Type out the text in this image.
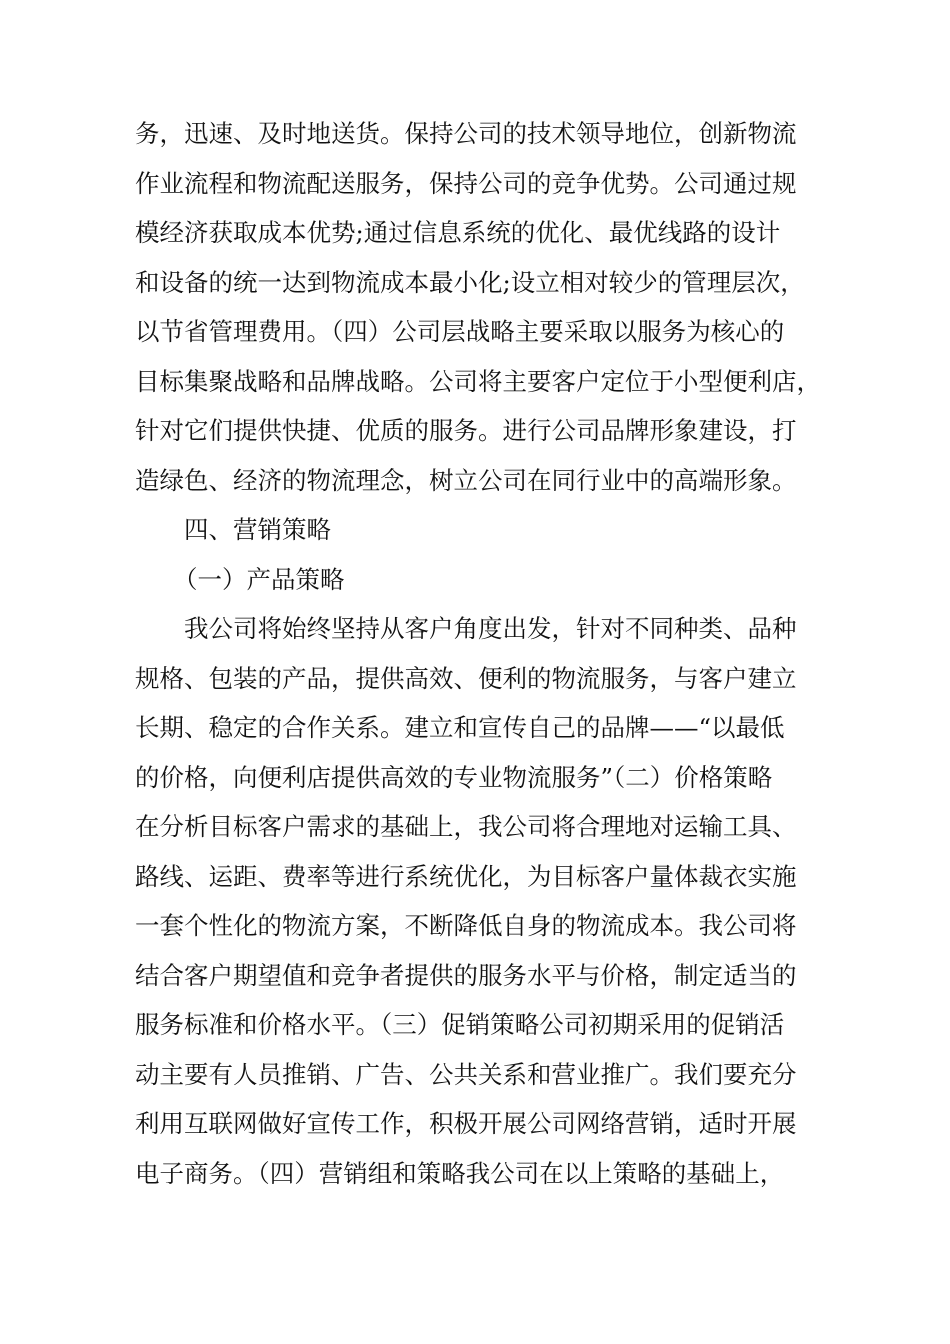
务，迅速、及时地送货。保持公司的技术领导地位，创新物流
作业流程和物流配送服务，保持公司的竞争优势。公司通过规
模经济获取成本优势;通过信息系统的优化、最优线路的设计
和设备的统一达到物流成本最小化;设立相对较少的管理层次，
以节省管理费用。（四）公司层战略主要采取以服务为核心的
目标集聚战略和品牌战略。公司将主要客户定位于小型便利店，
针对它们提供快捷、优质的服务。进行公司品牌形象建设，打
造绿色、经济的物流理念，树立公司在同行业中的高端形象。
四、营销策略
（一）产品策略
我公司将始终坚持从客户角度出发，针对不同种类、品种
规格、包装的产品，提供高效、便利的物流服务，与客户建立
长期、稳定的合作关系。建立和宣传自己的品牌——“以最低
的价格，向便利店提供高效的专业物流服务”（二）价格策略
在分析目标客户需求的基础上，我公司将合理地对运输工具、
路线、运距、费率等进行系统优化，为目标客户量体裁衣实施
一套个性化的物流方案，不断降低自身的物流成本。我公司将
结合客户期望值和竞争者提供的服务水平与价格，制定适当的
服务标准和价格水平。（三）促销策略公司初期采用的促销活
动主要有人员推销、广告、公共关系和营业推广。我们要充分
利用互联网做好宣传工作，积极开展公司网络营销，适时开展
电子商务。（四）营销组和策略我公司在以上策略的基础上，
